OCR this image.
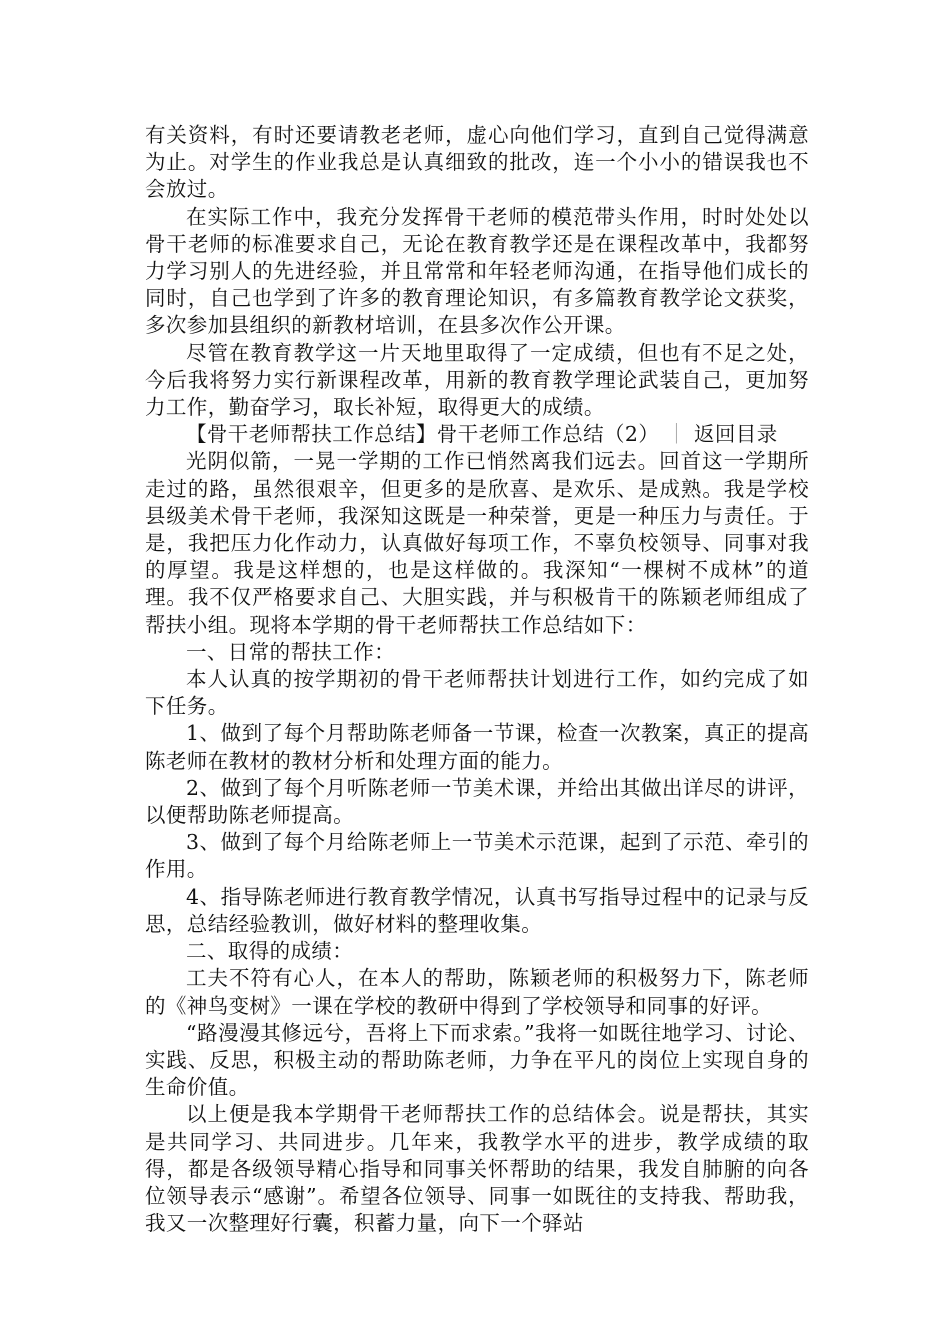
有关资料，有时还要请教老老师，虚心向他们学习，直到自己觉得满意为止。对学生的作业我总是认真细致的批改，连一个小小的错误我也不会放过。

在实际工作中，我充分发挥骨干老师的模范带头作用，时时处处以骨干老师的标准要求自己，无论在教育教学还是在课程改革中，我都努力学习别人的先进经验，并且常常和年轻老师沟通，在指导他们成长的同时，自己也学到了许多的教育理论知识，有多篇教育教学论文获奖，多次参加县组织的新教材培训，在县多次作公开课。

尽管在教育教学这一片天地里取得了一定成绩，但也有不足之处，今后我将努力实行新课程改革，用新的教育教学理论武装自己，更加努力工作，勤奋学习，取长补短，取得更大的成绩。

【骨干老师帮扶工作总结】骨干老师工作总结（2） ｜ 返回目录

光阴似箭，一晃一学期的工作已悄然离我们远去。回首这一学期所走过的路，虽然很艰辛，但更多的是欣喜、是欢乐、是成熟。我是学校县级美术骨干老师，我深知这既是一种荣誉，更是一种压力与责任。于是，我把压力化作动力，认真做好每项工作，不辜负校领导、同事对我的厚望。我是这样想的，也是这样做的。我深知“一棵树不成林”的道理。我不仅严格要求自己、大胆实践，并与积极肯干的陈颖老师组成了帮扶小组。现将本学期的骨干老师帮扶工作总结如下：

一、日常的帮扶工作：

本人认真的按学期初的骨干老师帮扶计划进行工作，如约完成了如下任务。

1、做到了每个月帮助陈老师备一节课，检查一次教案，真正的提高陈老师在教材的教材分析和处理方面的能力。

2、做到了每个月听陈老师一节美术课，并给出其做出详尽的讲评，以便帮助陈老师提高。

3、做到了每个月给陈老师上一节美术示范课，起到了示范、牵引的作用。

4、指导陈老师进行教育教学情况，认真书写指导过程中的记录与反思，总结经验教训，做好材料的整理收集。

二、取得的成绩：

工夫不符有心人，在本人的帮助，陈颖老师的积极努力下，陈老师的《神鸟变树》一课在学校的教研中得到了学校领导和同事的好评。

“路漫漫其修远兮，吾将上下而求索。”我将一如既往地学习、讨论、实践、反思，积极主动的帮助陈老师，力争在平凡的岗位上实现自身的生命价值。

以上便是我本学期骨干老师帮扶工作的总结体会。说是帮扶，其实是共同学习、共同进步。几年来，我教学水平的进步，教学成绩的取得，都是各级领导精心指导和同事关怀帮助的结果，我发自肺腑的向各位领导表示“感谢”。希望各位领导、同事一如既往的支持我、帮助我，我又一次整理好行囊，积蓄力量，向下一个驿站
